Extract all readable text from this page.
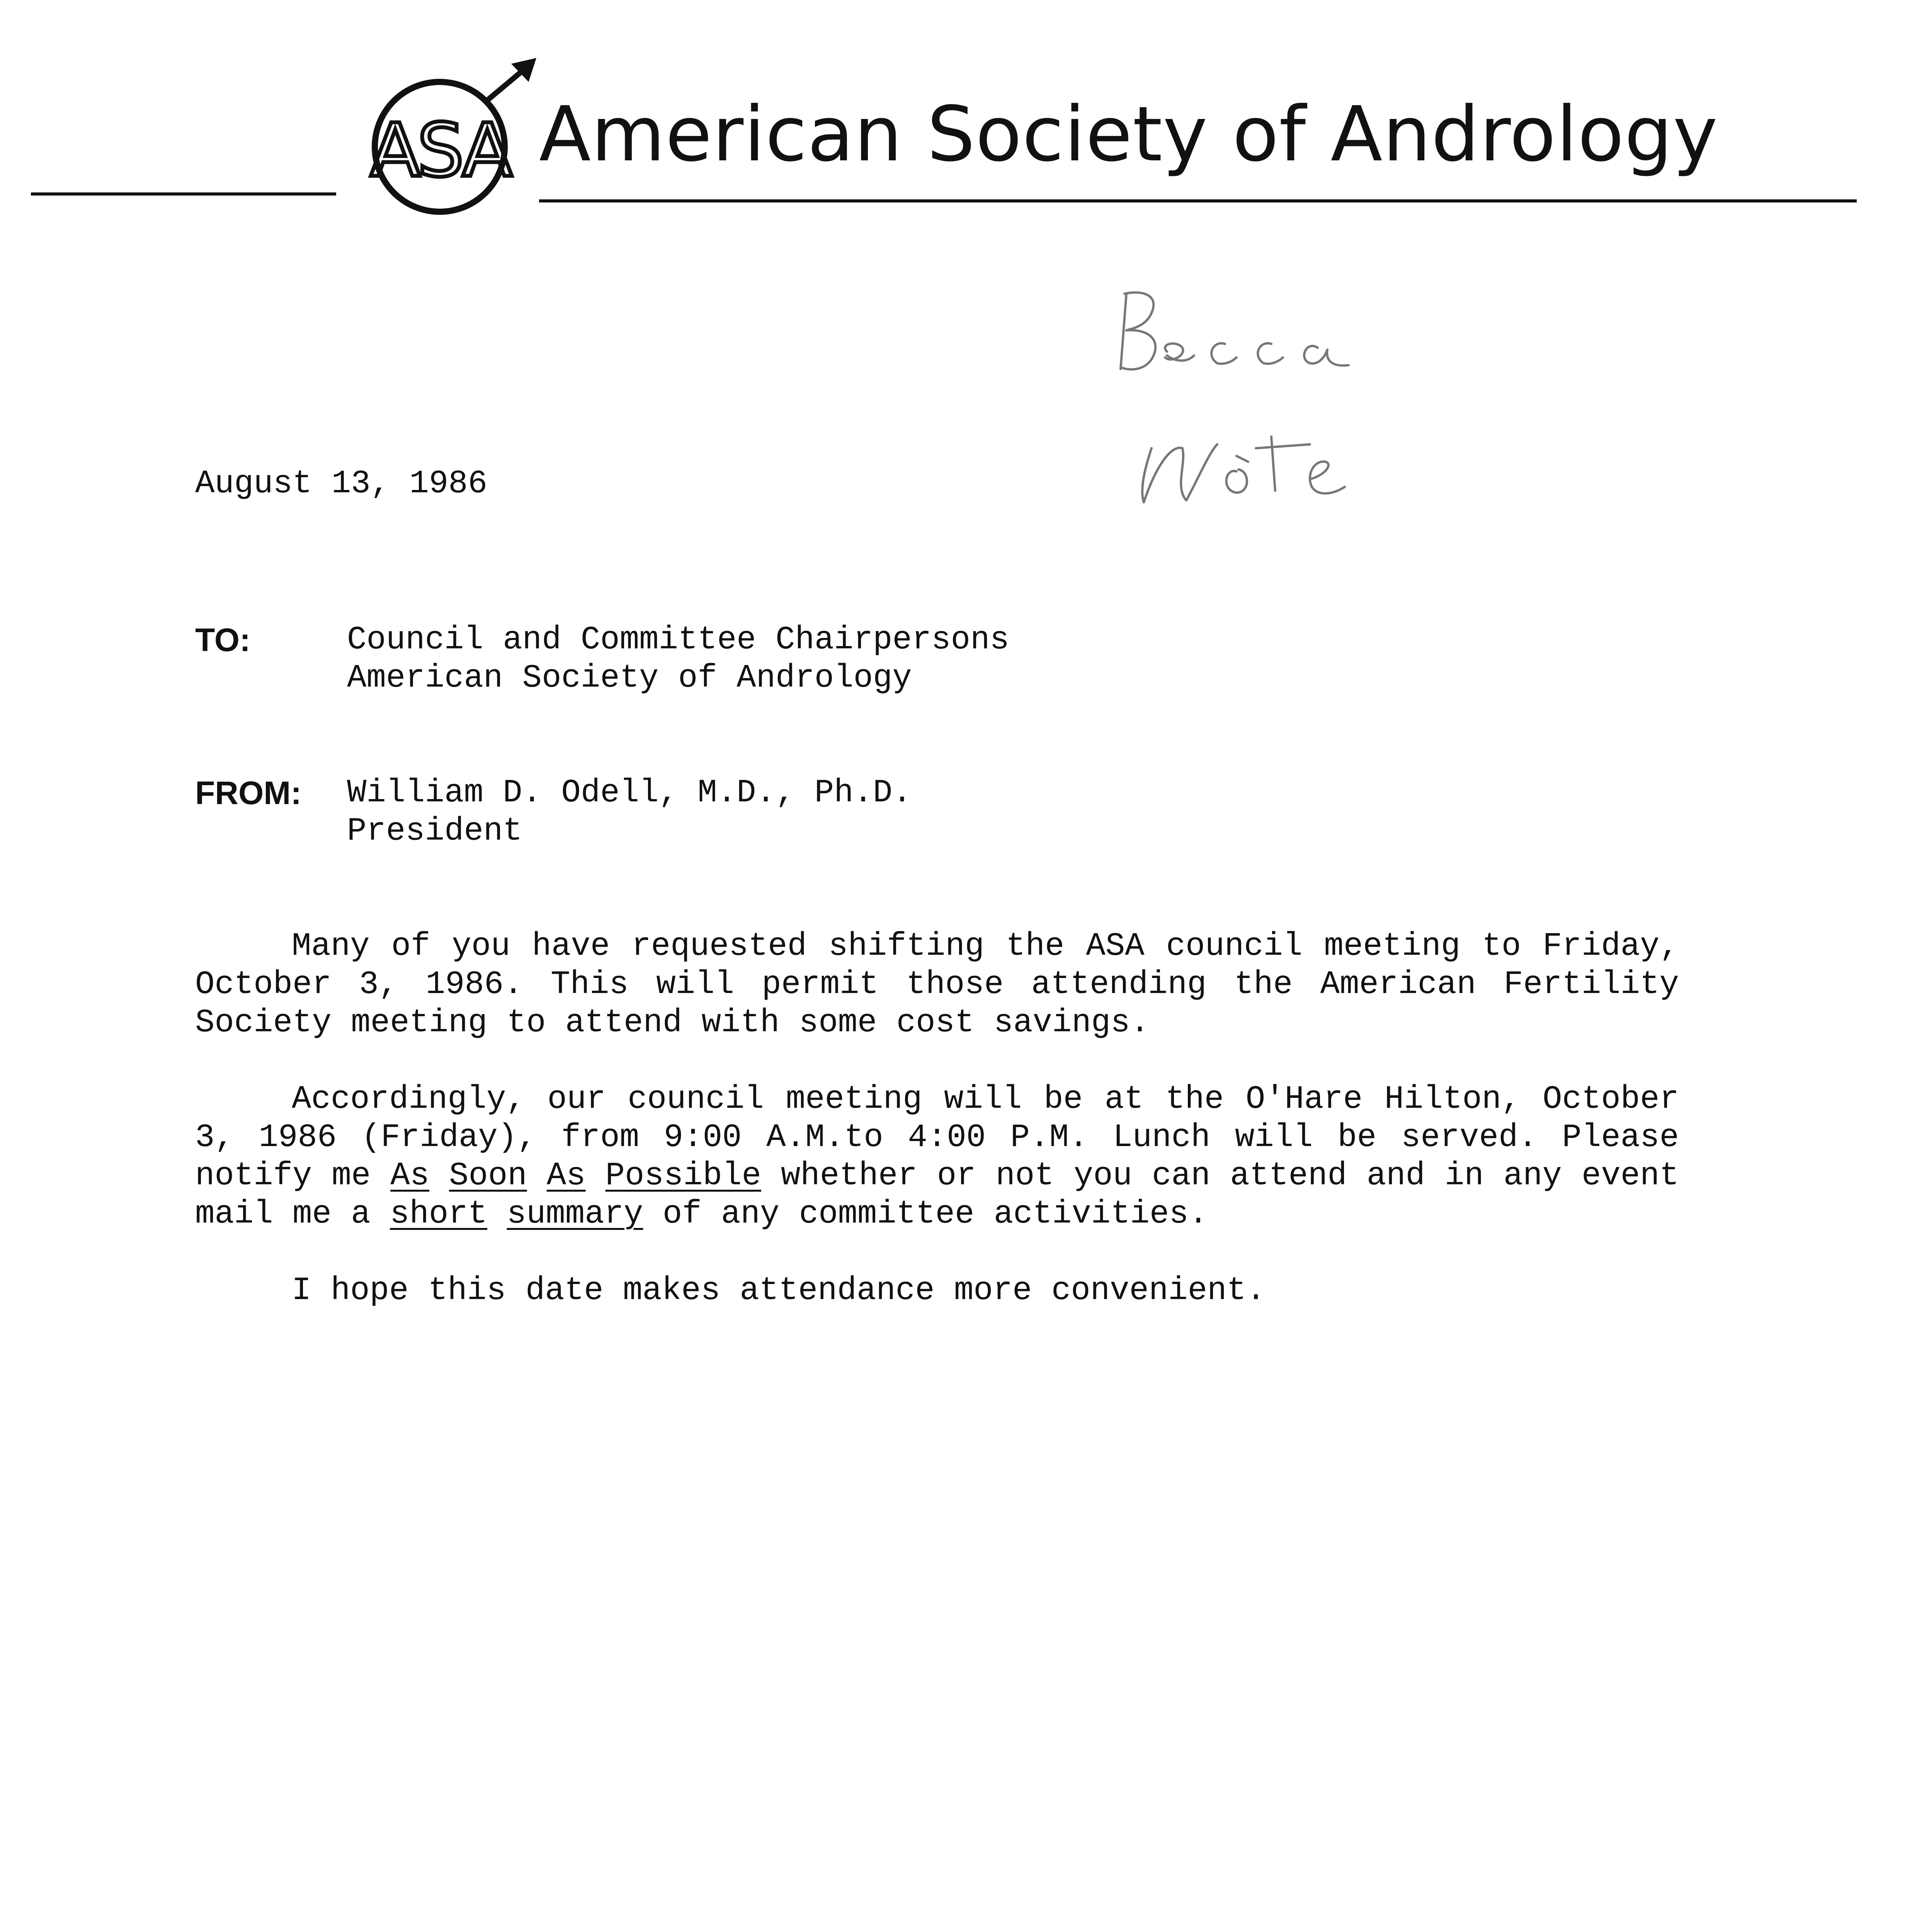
ASA American Society of Andrology
August 13, 1986
TO:	Council and Committee Chairpersons
American Society of Andrology
FROM: William D. Odell, M.D., Ph.D.
President

Many of you have requested shifting the ASA council meeting to Friday, October 3, 1986. This will permit those attending the American Fertility Society meeting to attend with some cost savings.

Accordingly, our council meeting will be at the O'Hare Hilton, October 3, 1986 (Friday), from 9:00 A.M.to 4:00 P.M. Lunch will be served. Please notify me As Soon As Possible whether or not you can attend and in any event mail me a short summary of any committee activities.

I hope this date makes attendance more convenient.
